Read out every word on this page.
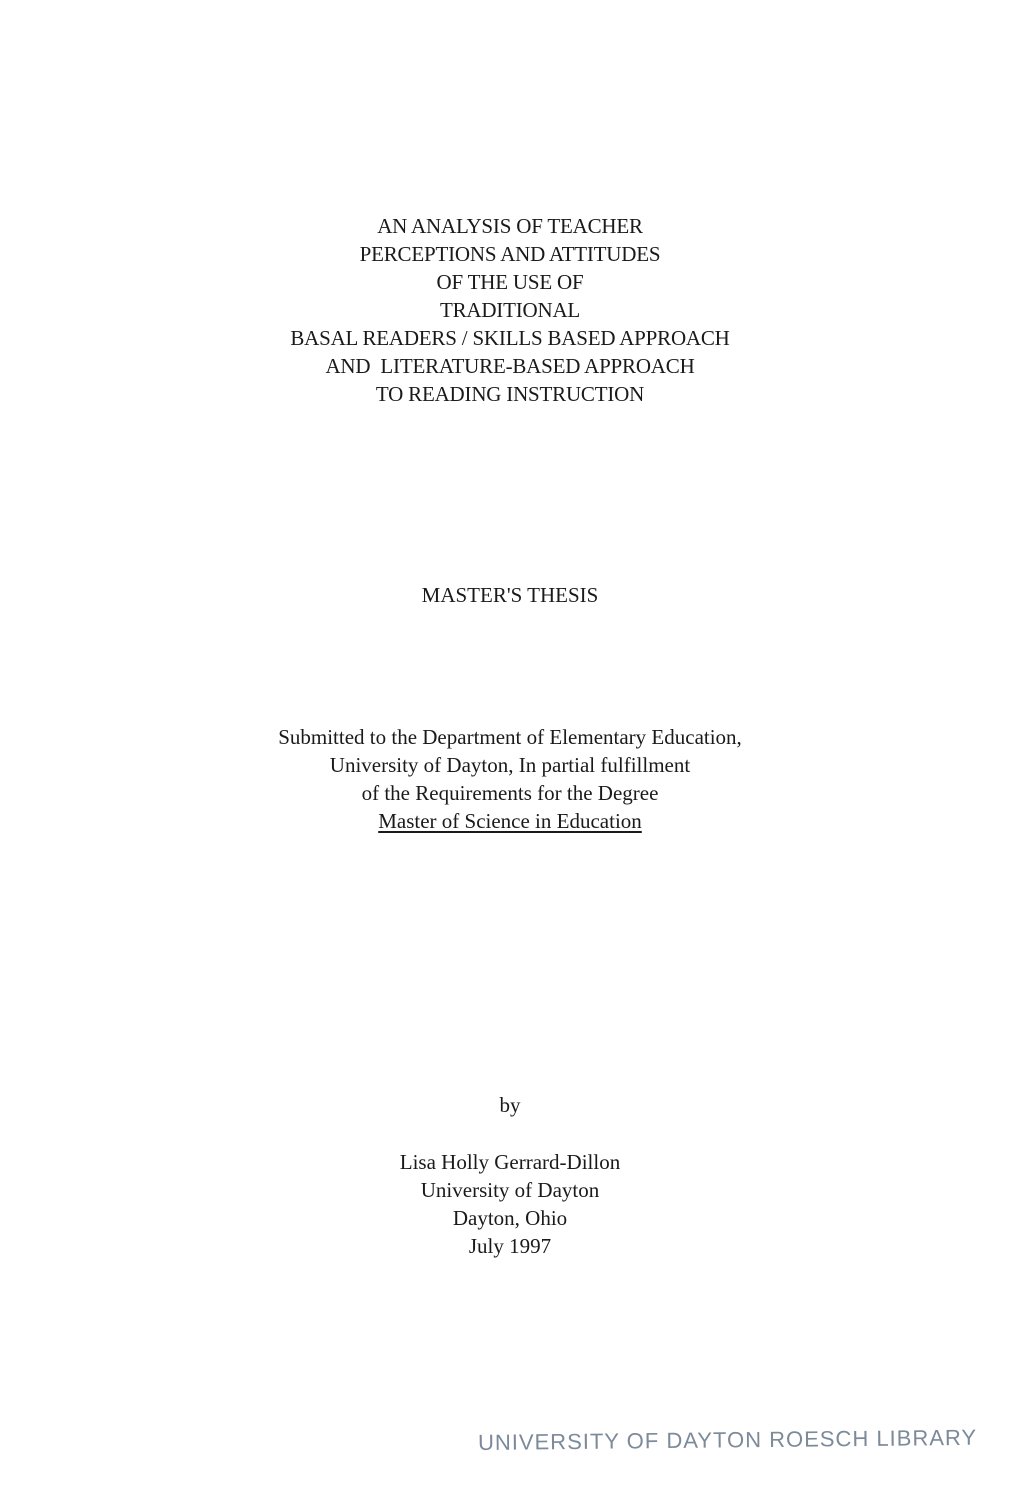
AN ANALYSIS OF TEACHER
PERCEPTIONS AND ATTITUDES
OF THE USE OF
TRADITIONAL
BASAL READERS / SKILLS BASED APPROACH
AND  LITERATURE-BASED APPROACH
TO READING INSTRUCTION
MASTER'S THESIS
Submitted to the Department of Elementary Education,
University of Dayton, In partial fulfillment
of the Requirements for the Degree
Master of Science in Education
by
Lisa Holly Gerrard-Dillon
University of Dayton
Dayton, Ohio
July 1997
UNIVERSITY OF DAYTON ROESCH LIBRARY
